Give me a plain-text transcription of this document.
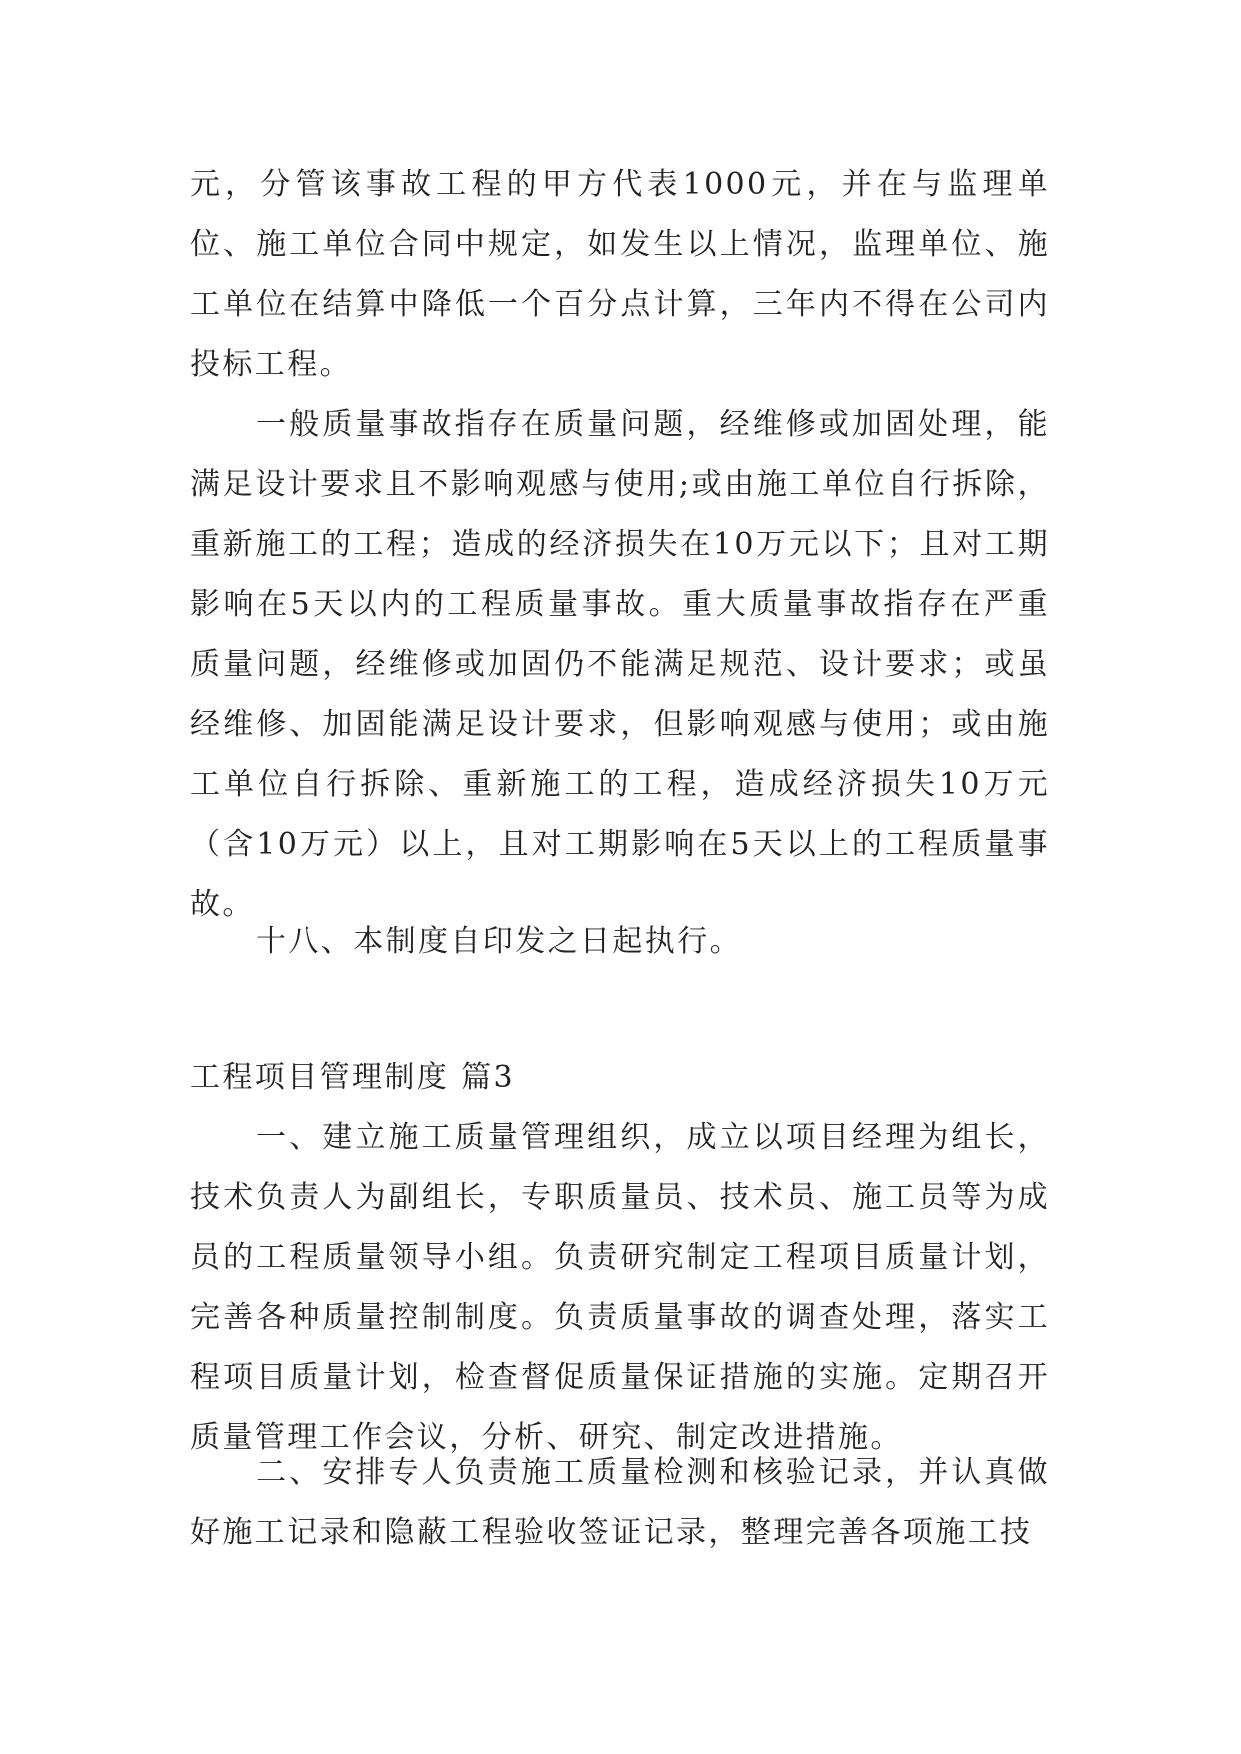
元，分管该事故工程的甲方代表1000元，并在与监理单位、施工单位合同中规定，如发生以上情况，监理单位、施工单位在结算中降低一个百分点计算，三年内不得在公司内投标工程。

一般质量事故指存在质量问题，经维修或加固处理，能满足设计要求且不影响观感与使用;或由施工单位自行拆除，重新施工的工程；造成的经济损失在10万元以下；且对工期影响在5天以内的工程质量事故。重大质量事故指存在严重质量问题，经维修或加固仍不能满足规范、设计要求；或虽经维修、加固能满足设计要求，但影响观感与使用；或由施工单位自行拆除、重新施工的工程，造成经济损失10万元（含10万元）以上，且对工期影响在5天以上的工程质量事故。

十八、本制度自印发之日起执行。

工程项目管理制度 篇3

一、建立施工质量管理组织，成立以项目经理为组长，技术负责人为副组长，专职质量员、技术员、施工员等为成员的工程质量领导小组。负责研究制定工程项目质量计划，完善各种质量控制制度。负责质量事故的调查处理，落实工程项目质量计划，检查督促质量保证措施的实施。定期召开质量管理工作会议，分析、研究、制定改进措施。

二、安排专人负责施工质量检测和核验记录，并认真做好施工记录和隐蔽工程验收签证记录，整理完善各项施工技
